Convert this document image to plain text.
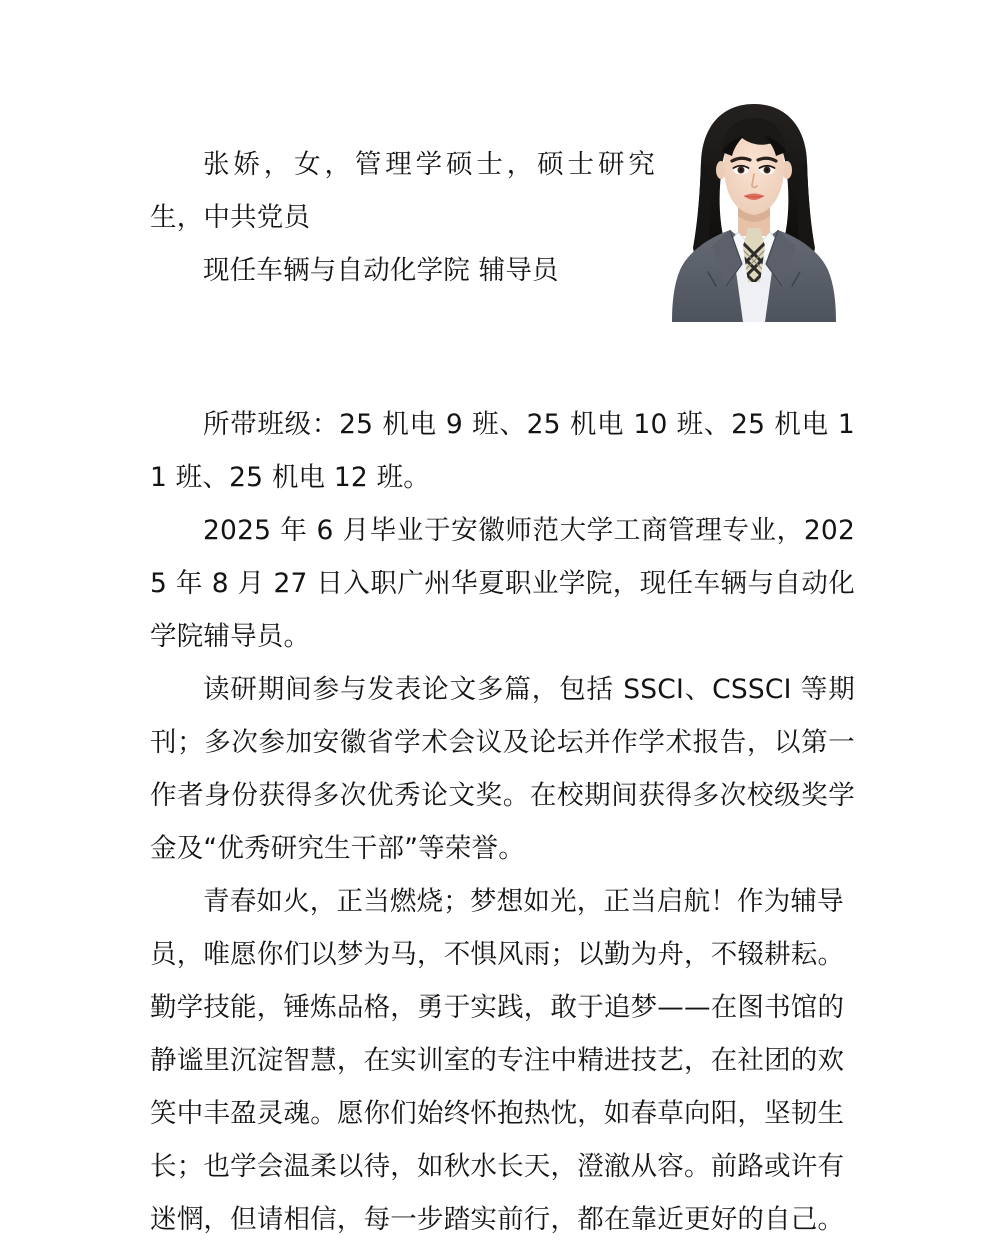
张娇，女，管理学硕士，硕士研究生，中共党员

现任车辆与自动化学院 辅导员

所带班级：25 机电 9 班、25 机电 10 班、25 机电 11 班、25 机电 12 班。

2025 年 6 月毕业于安徽师范大学工商管理专业，2025 年 8 月 27 日入职广州华夏职业学院，现任车辆与自动化学院辅导员。

读研期间参与发表论文多篇，包括 SSCI、CSSCI 等期刊；多次参加安徽省学术会议及论坛并作学术报告，以第一作者身份获得多次优秀论文奖。在校期间获得多次校级奖学金及“优秀研究生干部”等荣誉。

青春如火，正当燃烧；梦想如光，正当启航！作为辅导员，唯愿你们以梦为马，不惧风雨；以勤为舟，不辍耕耘。勤学技能，锤炼品格，勇于实践，敢于追梦——在图书馆的静谧里沉淀智慧，在实训室的专注中精进技艺，在社团的欢笑中丰盈灵魂。愿你们始终怀抱热忱，如春草向阳，坚韧生长；也学会温柔以待，如秋水长天，澄澈从容。前路或许有迷惘，但请相信，每一步踏实前行，都在靠近更好的自己。
